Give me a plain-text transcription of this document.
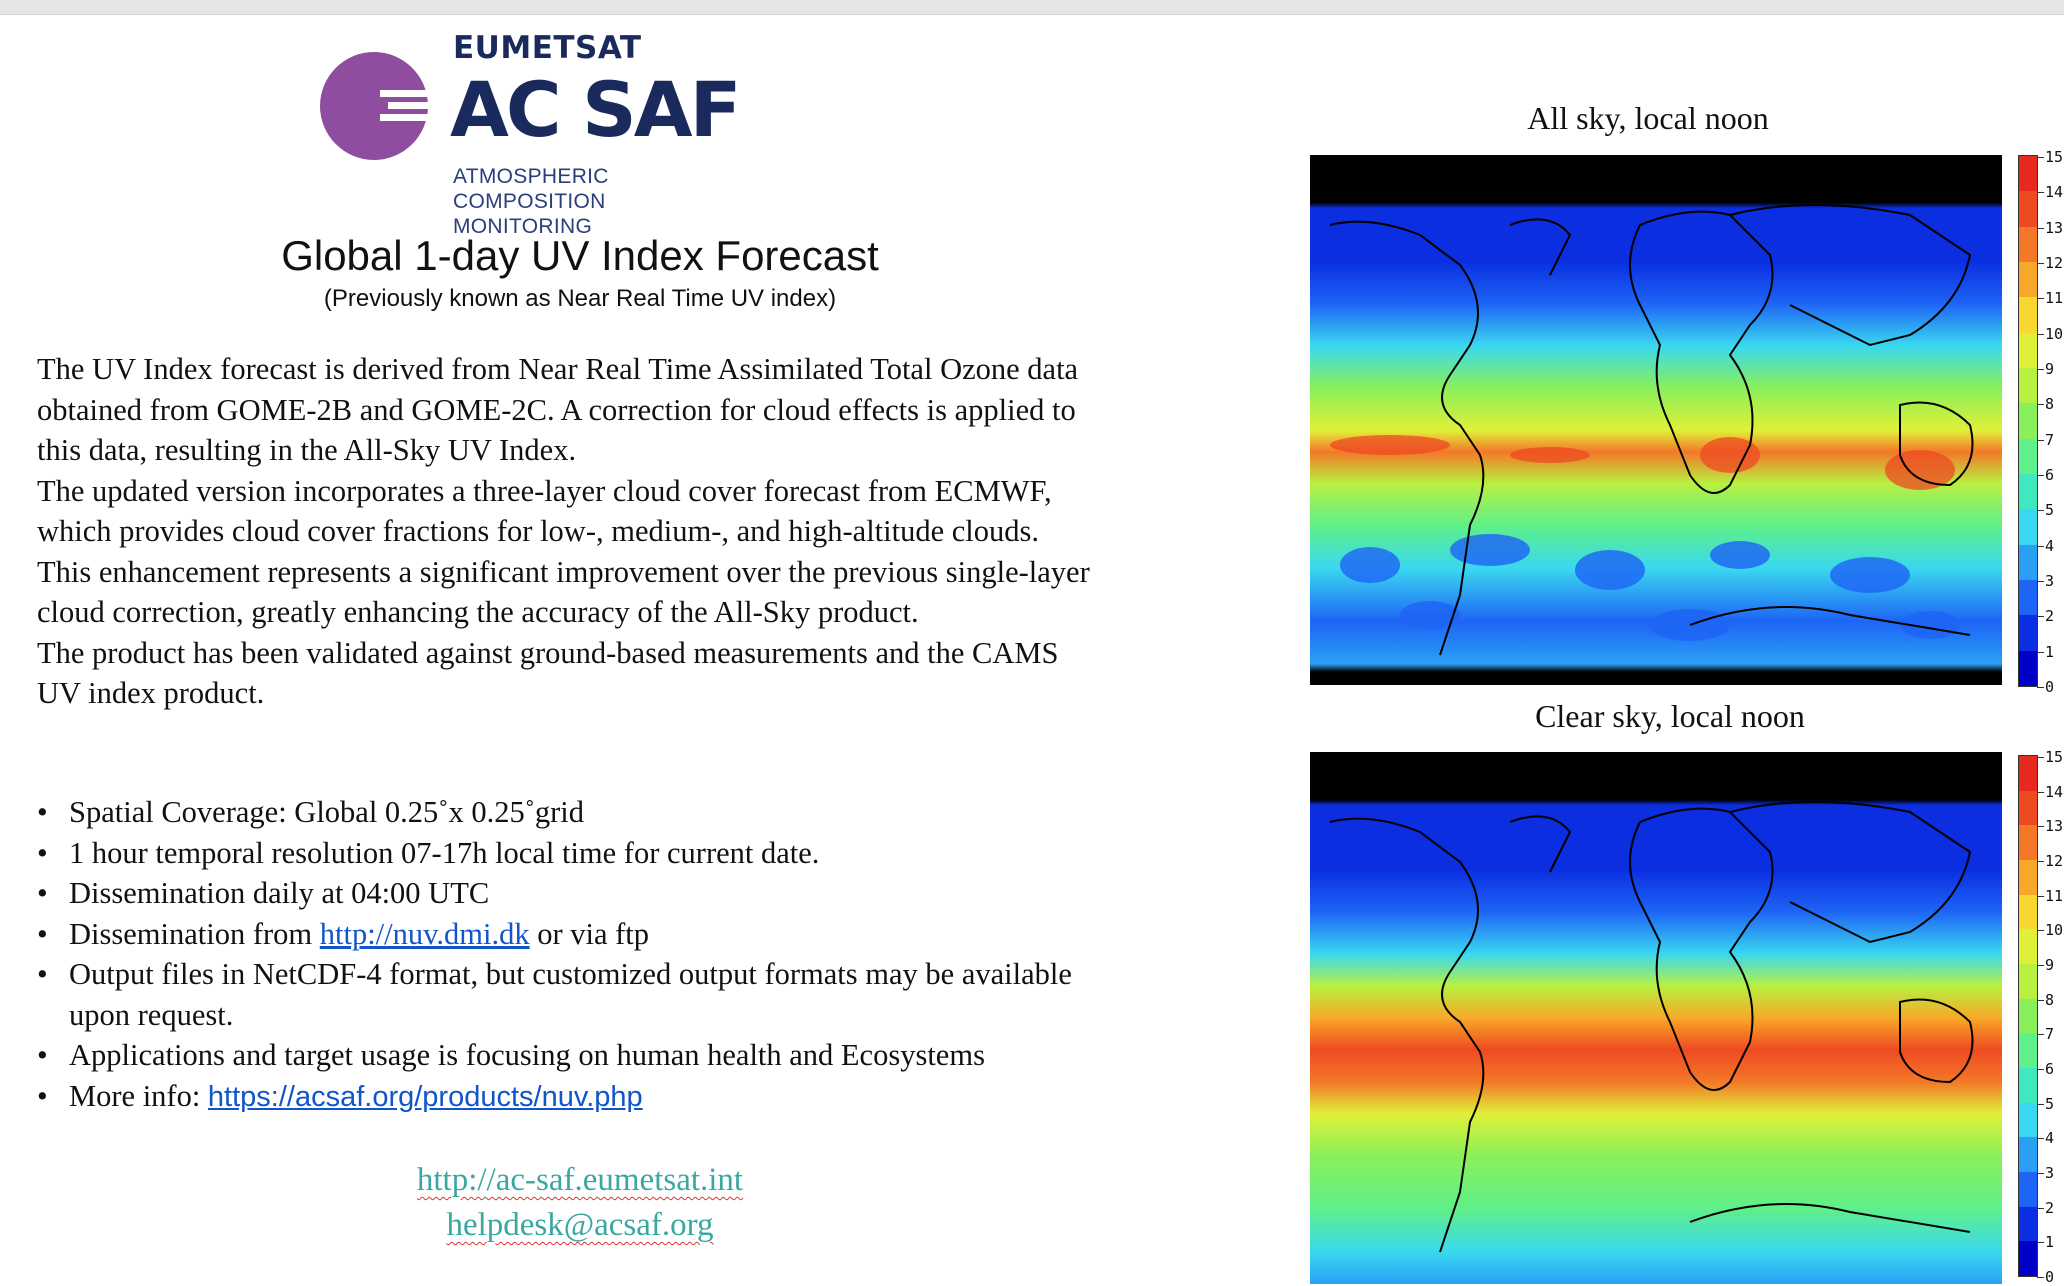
EUMETSAT
AC SAF
ATMOSPHERIC COMPOSITION
MONITORING
Global 1-day UV Index Forecast
(Previously known as Near Real Time UV index)

The UV Index forecast is derived from Near Real Time Assimilated Total Ozone data obtained from GOME-2B and GOME-2C. A correction for cloud effects is applied to this data, resulting in the All-Sky UV Index.

The updated version incorporates a three-layer cloud cover forecast from ECMWF, which provides cloud cover fractions for low-, medium-, and high-altitude clouds. This enhancement represents a significant improvement over the previous single-layer cloud correction, greatly enhancing the accuracy of the All-Sky product.

The product has been validated against ground-based measurements and the CAMS UV index product.

• Spatial Coverage: Global 0.25˚x 0.25˚grid
• 1 hour temporal resolution 07-17h local time for current date.
• Dissemination daily at 04:00 UTC
• Dissemination from http://nuv.dmi.dk or via ftp
• Output files in NetCDF-4 format, but customized output formats may be available upon request.
• Applications and target usage is focusing on human health and Ecosystems
• More info: https://acsaf.org/products/nuv.php
http://ac-saf.eumetsat.int
helpdesk@acsaf.org
All sky, local noon
15
14
13
12
11
10
9
8
7
6
5
4
3
2
1
0
Clear sky, local noon
15
14
13
12
11
10
9
8
7
6
5
4
3
2
1
0
